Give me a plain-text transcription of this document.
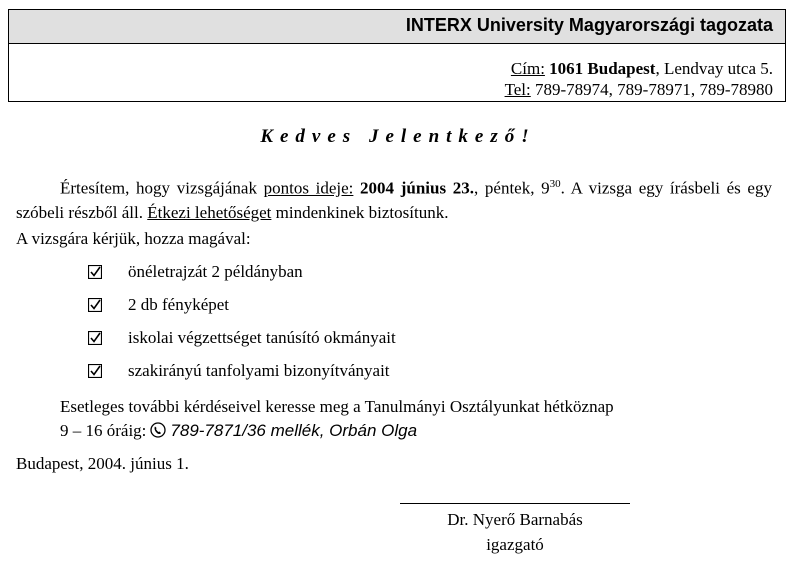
INTERX University Magyarországi tagozata
Cím: 1061 Budapest, Lendvay utca 5.
Tel: 789-78974, 789-78971, 789-78980
Kedves Jelentkező!
Értesítem, hogy vizsgájának pontos ideje: 2004 június 23., péntek, $9^{30}$. A vizsga egy írásbeli és egy szóbeli részből áll. Étkezi lehetőséget mindenkinek biztosítunk.
A vizsgára kérjük, hozza magával:
önéletrajzát 2 példányban
2 db fényképet
iskolai végzettséget tanúsító okmányait
szakirányú tanfolyami bizonyítványait
Esetleges további kérdéseivel keresse meg a Tanulmányi Osztályunkat hétköznap
9 – 16 óráig: 789-7871/36 mellék, Orbán Olga
Budapest, 2004. június 1.
Dr. Nyerő Barnabás
igazgató
